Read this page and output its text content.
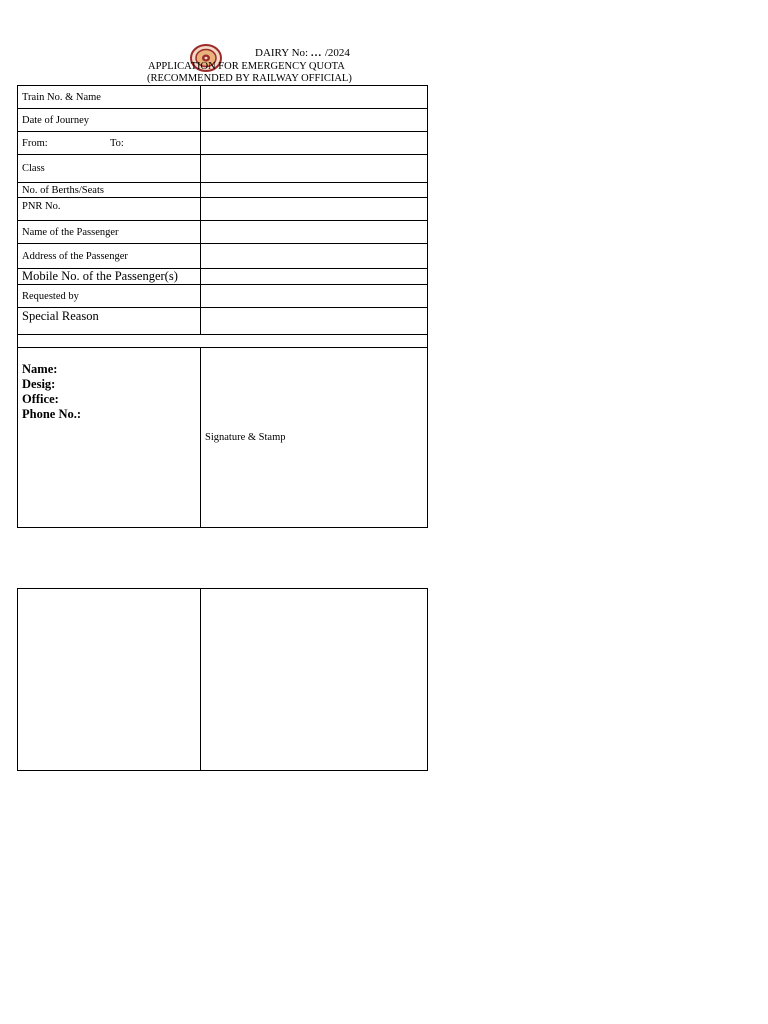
DAIRY No: ... /2024
APPLICATION FOR EMERGENCY QUOTA
(RECOMMENDED BY RAILWAY OFFICIAL)
Train No. & Name	
Date of Journey	
From: To:	
Class	
No. of Berths/Seats	
PNR No.	
Name of the Passenger	
Address of the Passenger	
Mobile No. of the Passenger(s)	
Requested by	
Special Reason	

Name:
Desig:
Office:
Phone No.:	Signature & Stamp
